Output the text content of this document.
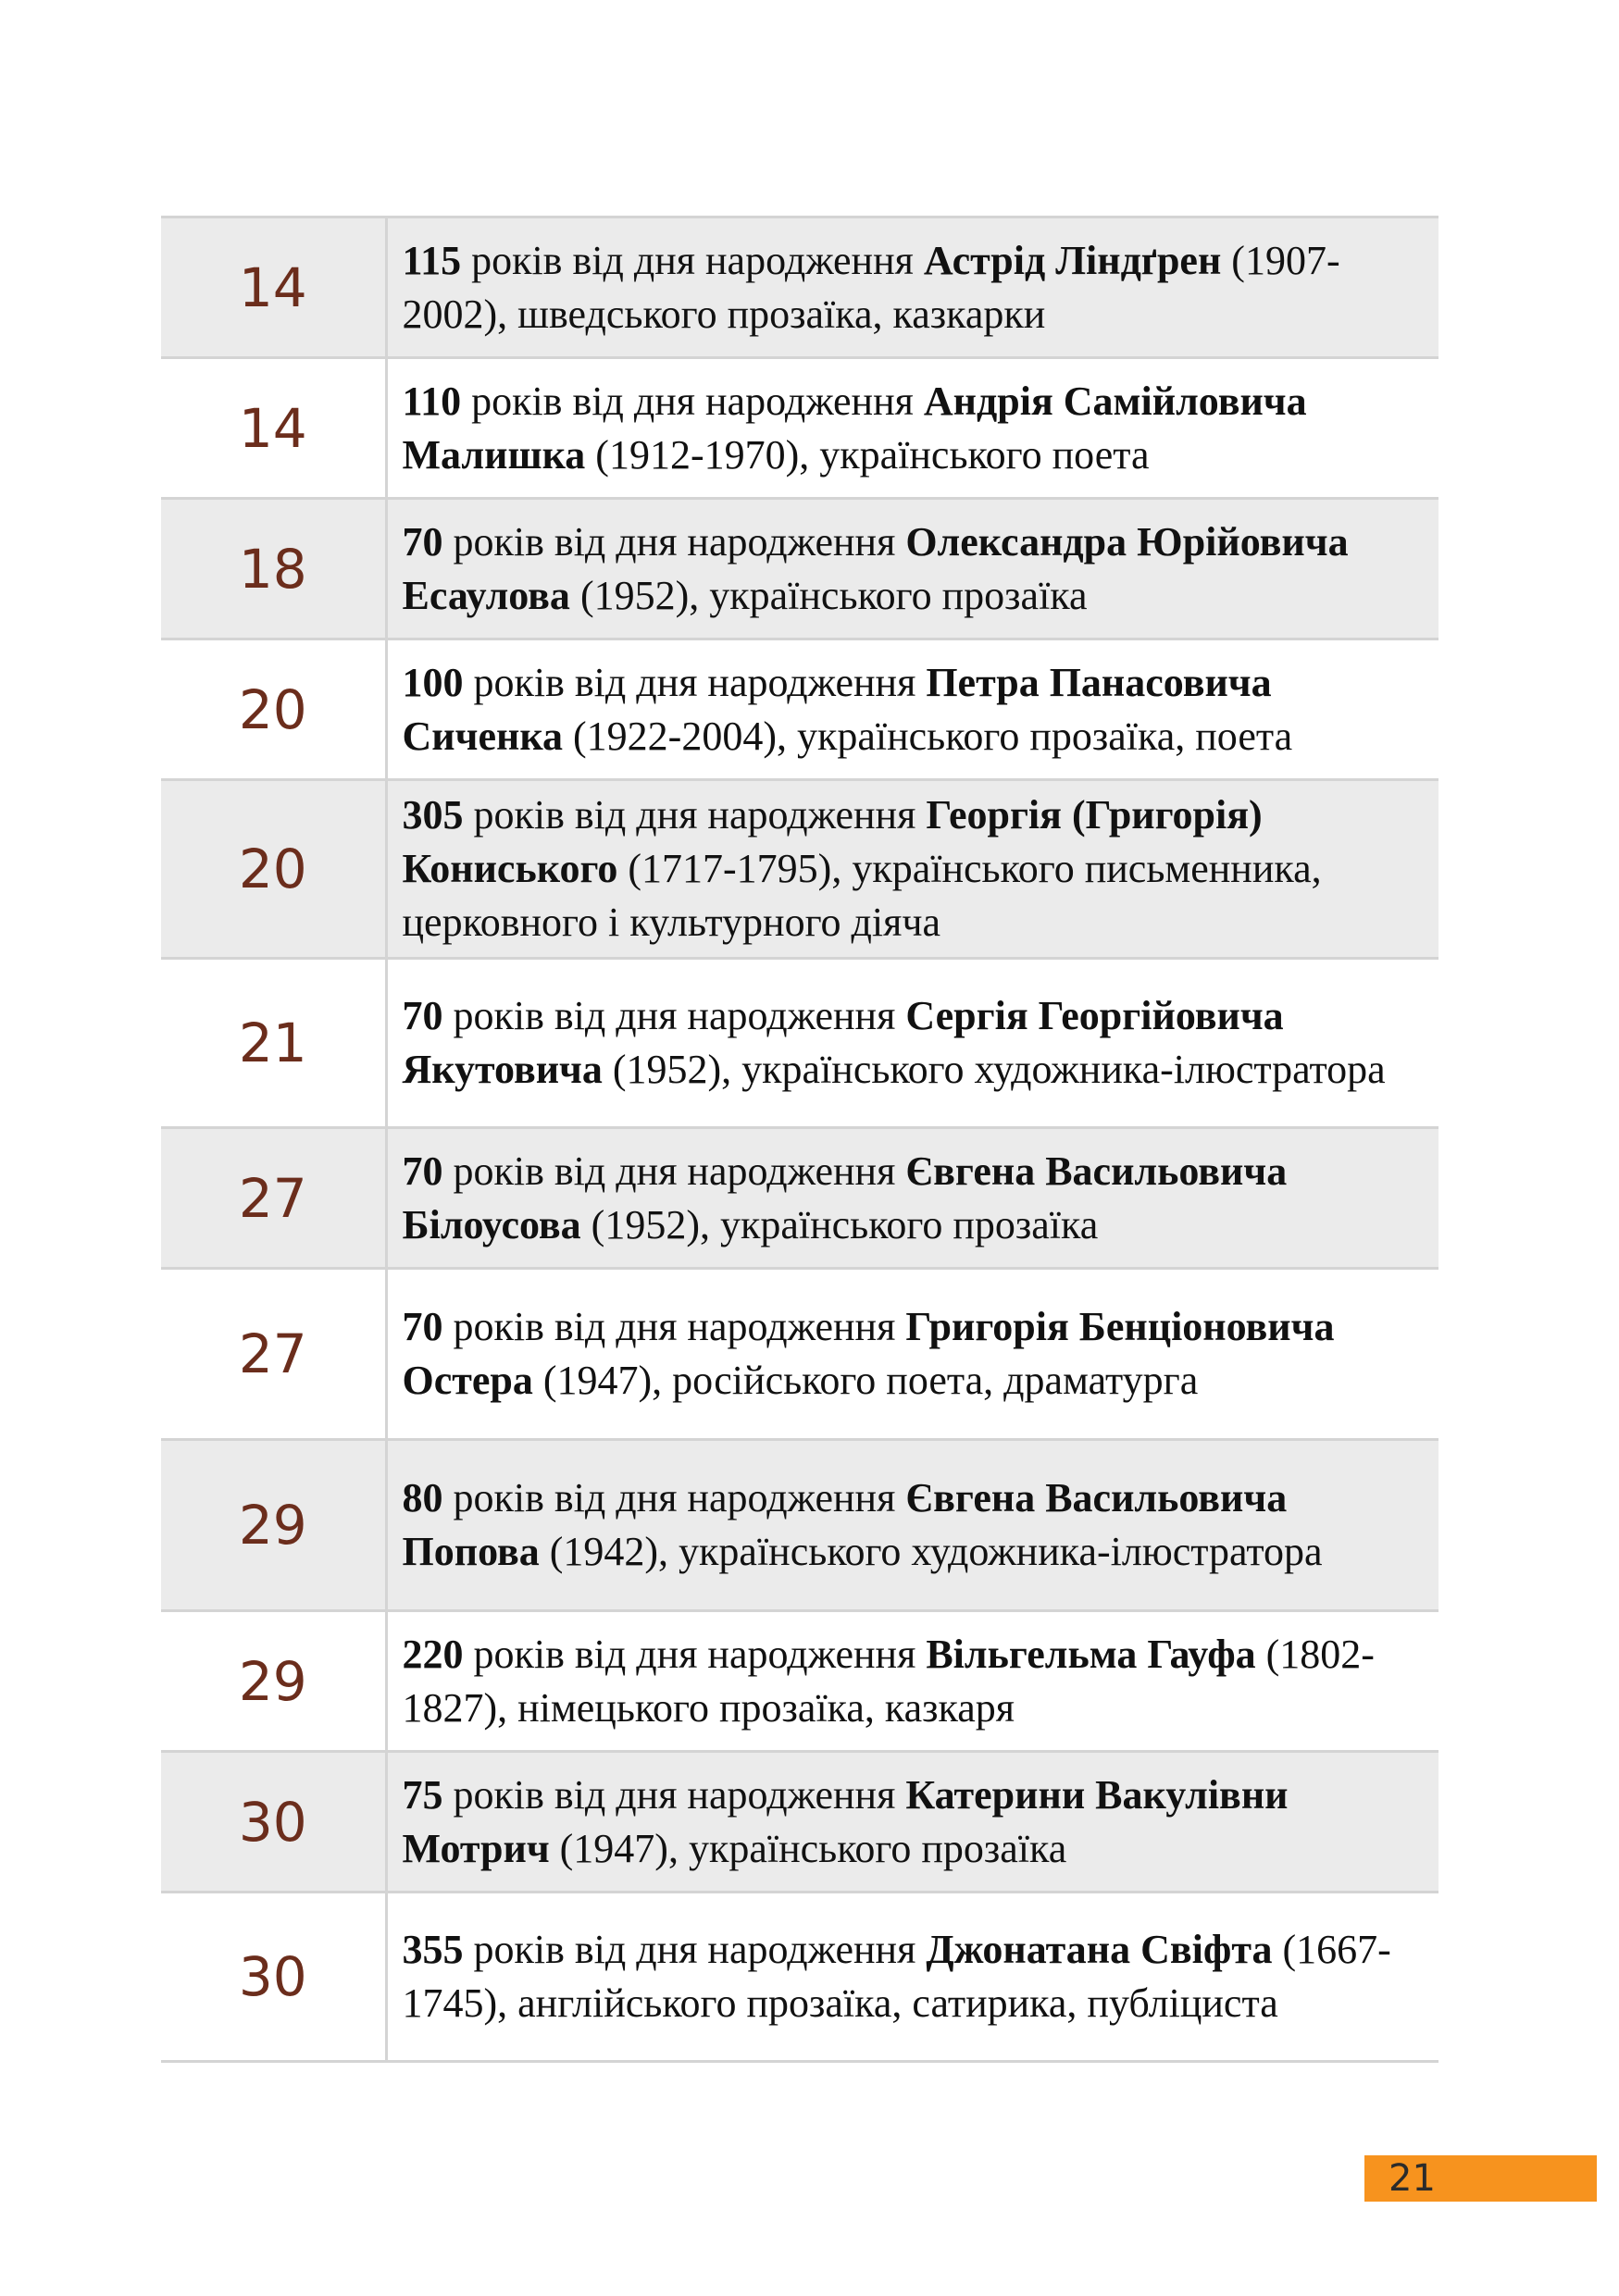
14	115 років від дня народження Астрід Ліндґрен (1907-2002), шведського прозаїка, казкарки
14	110 років від дня народження Андрія Самійловича Малишка (1912-1970), українського поета
18	70 років від дня народження Олександра Юрійовича Есаулова (1952), українського прозаїка
20	100 років від дня народження Петра Панасовича Сиченка (1922-2004), українського прозаїка, поета
20	305 років від дня народження Георгія (Григорія) Кониського (1717-1795), українського письменника, церковного і культурного діяча
21	70 років від дня народження Сергія Георгійовича Якутовича (1952), українського художника-ілюстратора
27	70 років від дня народження Євгена Васильовича Білоусова (1952), українського прозаїка
27	70 років від дня народження Григорія Бенціоновича Остера (1947), російського поета, драматурга
29	80 років від дня народження Євгена Васильовича Попова (1942), українського художника-ілюстратора
29	220 років від дня народження Вільгельма Гауфа (1802-1827), німецького прозаїка, казкаря
30	75 років від дня народження Катерини Вакулівни Мотрич (1947), українського прозаїка
30	355 років від дня народження Джонатана Свіфта (1667-1745), англійського прозаїка, сатирика, публіциста
21
